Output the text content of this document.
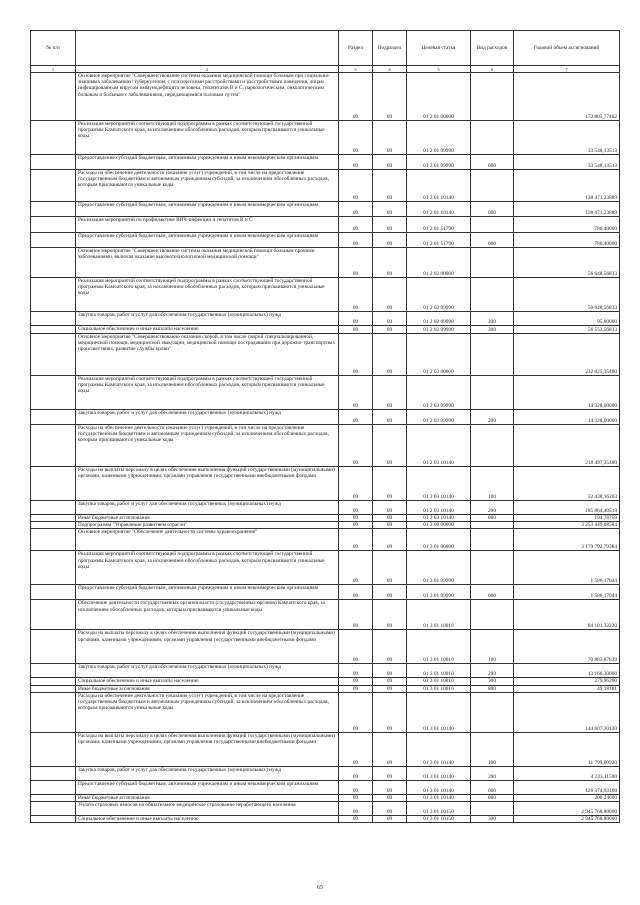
№ п/п		Раздел	Подраздел	Целевая статья	Вид расходов	Годовой объем ассигнований
1	2	3	4	5	6	7
	Основное мероприятие "Совершенствование системы оказания медицинской помощи больным при социально-значимых заболеваниях: туберкулезом, с психическими расстройствами и расстройствами поведения, лицам инфицированным вирусом иммунодефицита человека, гепатитами В и С, наркологическим, онкологическим больным и больным с заболеваниями, передающимися половым путем"	09	09	01 2 01 00000		172 805,77402
	Реализация мероприятий соответствующей подпрограммы в рамках соответствующей государственной программы Камчатского края, за исключением обособленных расходов, которым присваиваются уникальные коды	09	09	01 2 01 09990		33 548,13513
	Предоставление субсидий бюджетным, автономным учреждениям и иным некоммерческим организациям	09	09	01 2 01 09990	600	33 548,13513
	Расходы на обеспечение деятельности (оказание услуг) учреждений, в том числе на предоставление государственным бюджетным и автономным учреждениям субсидий, за исключением обособленных расходов, которым присваиваются уникальные коды	09	09	01 2 01 10140		138 471,23889
	Предоставление субсидий бюджетным, автономным учреждениям и иным некоммерческим организациям	09	09	01 2 01 10140	600	138 471,23889
	Реализация мероприятий по профилактике ВИЧ-инфекции и гепатитов В и С	09	09	01 2 01 51790		786,40000
	Предоставление субсидий бюджетным, автономным учреждениям и иным некоммерческим организациям	09	09	01 2 01 51790	600	786,40000
	Основное мероприятие "Совершенствование системы оказания медицинской помощи больным прочими заболеваниями, включая оказание высокотехнологичной медицинской помощи"	09	09	01 2 02 00000		56 648,56833
	Реализация мероприятий соответствующей подпрограммы в рамках соответствующей государственной программы Камчатского края, за исключением обособленных расходов, которым присваиваются уникальные коды	09	09	01 2 02 09990		56 648,56833
	Закупка товаров, работ и услуг для обеспечения государственных (муниципальных) нужд	09	09	01 2 02 09990	200	95,00000
	Социальное обеспечение и иные выплаты населению	09	09	01 2 02 09990	300	56 553,56833
	Основное мероприятие "Совершенствование оказания скорой, в том числе скорой специализированной, медицинской помощи, медицинской эвакуации, медицинской помощи пострадавшим при дорожно-транспортных происшествиях, развитие службы крови"	09	09	01 2 03 00000		232 825,35480
	Реализация мероприятий соответствующей подпрограммы в рамках соответствующей государственной программы Камчатского края, за исключением обособленных расходов, которым присваиваются уникальные коды	09	09	01 2 03 09990		14 328,00000
	Закупка товаров, работ и услуг для обеспечения государственных (муниципальных) нужд	09	09	01 2 03 09990	200	14 328,00000
	Расходы на обеспечение деятельности (оказание услуг) учреждений, в том числе на предоставление государственным бюджетным и автономным учреждениям субсидий, за исключением обособленных расходов, которым присваиваются уникальные коды	09	09	01 2 03 10140		218 497,35480
	Расходы на выплаты персоналу в целях обеспечения выполнения функций государственными (муниципальными) органами, казенными учреждениями, органами управления государственными внебюджетными фондами	09	09	01 2 03 10140	100	32 438,16203
	Закупка товаров, работ и услуг для обеспечения государственных (муниципальных) нужд	09	09	01 2 03 10140	200	185 864,40519
	Иные бюджетные ассигнования	09	09	01 2 03 10140	800	194,78759
	Подпрограмма "Управление развитием отрасли"	09	09	01 3 00 00000		3 253 449,08584
	Основное мероприятие "Обеспечение деятельности системы здравоохранения"	09	09	01 3 01 00000		3 179 792,79384
	Реализация мероприятий соответствующей подпрограммы в рамках соответствующей государственной программы Камчатского края, за исключением обособленных расходов, которым присваиваются уникальные коды	09	09	01 3 01 09990		1 586,17044
	Предоставление субсидий бюджетным, автономным учреждениям и иным некоммерческим организациям	09	09	01 3 01 09990	600	1 586,17044
	Обеспечение деятельности государственных органов власти (государственных органов) Камчатского края, за исключением обособленных расходов, которым присваиваются уникальные коды	09	09	01 3 01 10010		84 181,32220
	Расходы на выплаты персоналу в целях обеспечения выполнения функций государственными (муниципальными) органами, казенными учреждениями, органами управления государственными внебюджетными фондами	09	09	01 3 01 10010	100	70 883,87839
	Закупка товаров, работ и услуг для обеспечения государственных (муниципальных) нужд	09	09	01 3 01 10010	200	13 166,30000
	Социальное обеспечение и иные выплаты населению	09	09	01 3 01 10010	300	279,96200
	Иные бюджетные ассигнования	09	09	01 3 01 10010	800	49,18181
	Расходы на обеспечение деятельности (оказание услуг) учреждений, в том числе на предоставление государственным бюджетным и автономным учреждениям субсидий, за исключением обособленных расходов, которым присваиваются уникальные коды	09	09	01 3 01 10140		144 607,30120
	Расходы на выплаты персоналу в целях обеспечения выполнения функций государственными (муниципальными) органами, казенными учреждениями, органами управления государственными внебюджетными фондами	09	09	01 3 01 10140	100	11 799,00920
	Закупка товаров, работ и услуг для обеспечения государственных (муниципальных) нужд	09	09	01 3 01 10140	200	4 233,11500
	Предоставление субсидий бюджетным, автономным учреждениям и иным некоммерческим организациям	09	09	01 3 01 10140	600	128 374,93100
	Иные бюджетные ассигнования	09	09	01 3 01 10140	800	200,24600
	Уплата страховых взносов на обязательное медицинское страхование неработающего населения	09	09	01 3 01 10150		2 945 768,80000
	Социальное обеспечение и иные выплаты населению	09	09	01 3 01 10150	300	2 945 768,80000
65
